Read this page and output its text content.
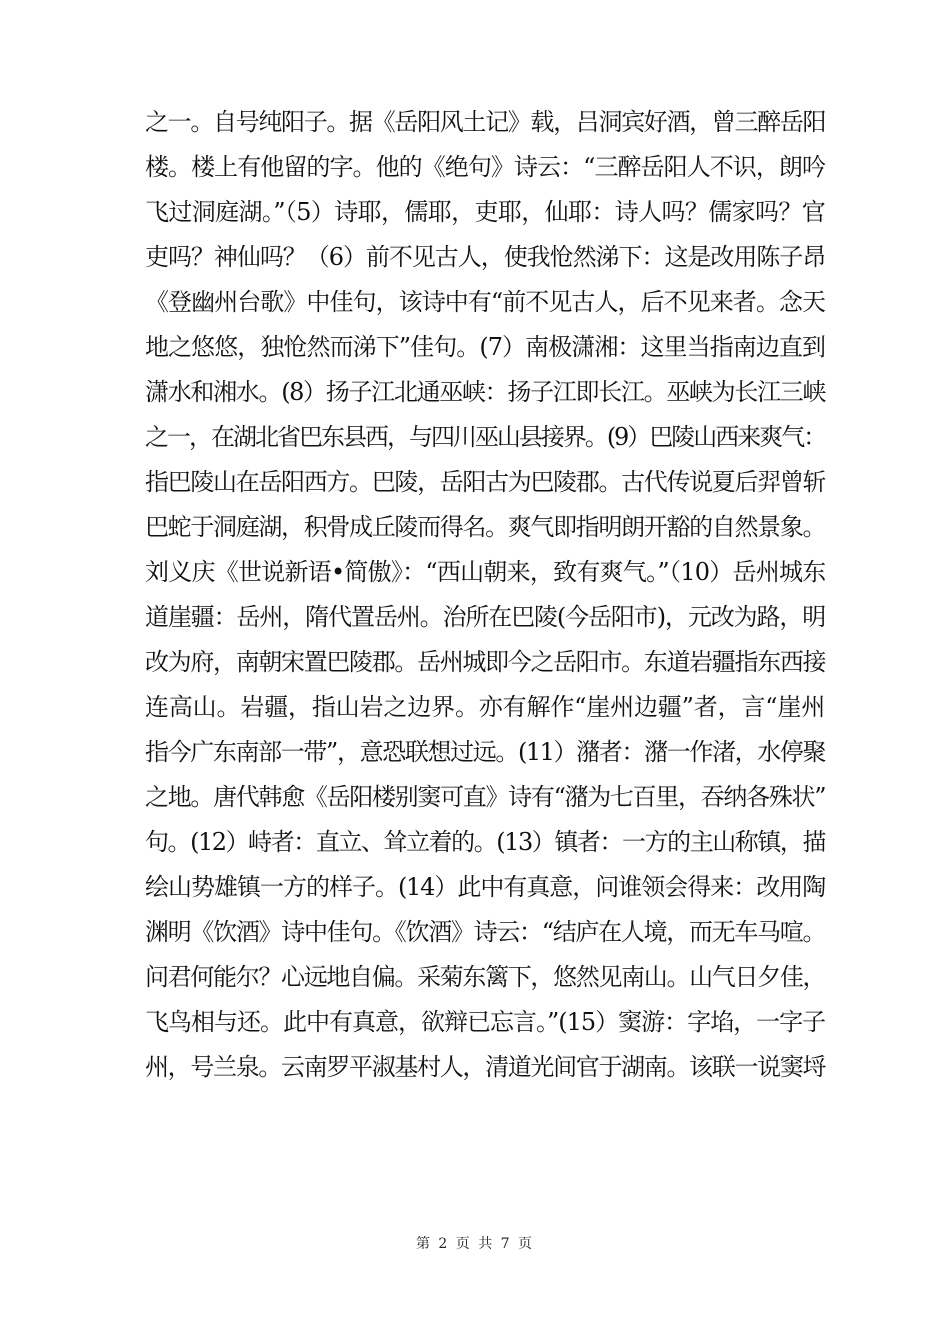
之一。自号纯阳子。据《岳阳风土记》载，吕洞宾好酒，曾三醉岳阳
楼。楼上有他留的字。他的《绝句》诗云：“三醉岳阳人不识，朗吟
飞过洞庭湖。”（5）诗耶，儒耶，吏耶，仙耶：诗人吗？儒家吗？官
吏吗？神仙吗？（6）前不见古人，使我怆然涕下：这是改用陈子昂
《登幽州台歌》中佳句，该诗中有“前不见古人，后不见来者。念天
地之悠悠，独怆然而涕下”佳句。(7）南极潇湘：这里当指南边直到
潇水和湘水。(8）扬子江北通巫峡：扬子江即长江。巫峡为长江三峡
之一，在湖北省巴东县西，与四川巫山县接界。(9）巴陵山西来爽气：
指巴陵山在岳阳西方。巴陵，岳阳古为巴陵郡。古代传说夏后羿曾斩
巴蛇于洞庭湖，积骨成丘陵而得名。爽气即指明朗开豁的自然景象。
刘义庆《世说新语•简傲》：“西山朝来，致有爽气。”（10）岳州城东
道崖疆：岳州，隋代置岳州。治所在巴陵(今岳阳市)，元改为路，明
改为府，南朝宋置巴陵郡。岳州城即今之岳阳市。东道岩疆指东西接
连高山。岩疆，指山岩之边界。亦有解作“崖州边疆”者，言“崖州
指今广东南部一带”，意恐联想过远。(11）潴者：潴一作渚，水停聚
之地。唐代韩愈《岳阳楼别窦可直》诗有“潴为七百里，吞纳各殊状”
句。(12）峙者：直立、耸立着的。(13）镇者：一方的主山称镇，描
绘山势雄镇一方的样子。(14）此中有真意，问谁领会得来：改用陶
渊明《饮酒》诗中佳句。《饮酒》诗云：“结庐在人境，而无车马喧。
问君何能尔？心远地自偏。采菊东篱下，悠然见南山。山气日夕佳，
飞鸟相与还。此中有真意，欲辩已忘言。”(15）窦游：字埳，一字子
州，号兰泉。云南罗平淑基村人，清道光间官于湖南。该联一说窦埒
第 2 页 共 7 页
